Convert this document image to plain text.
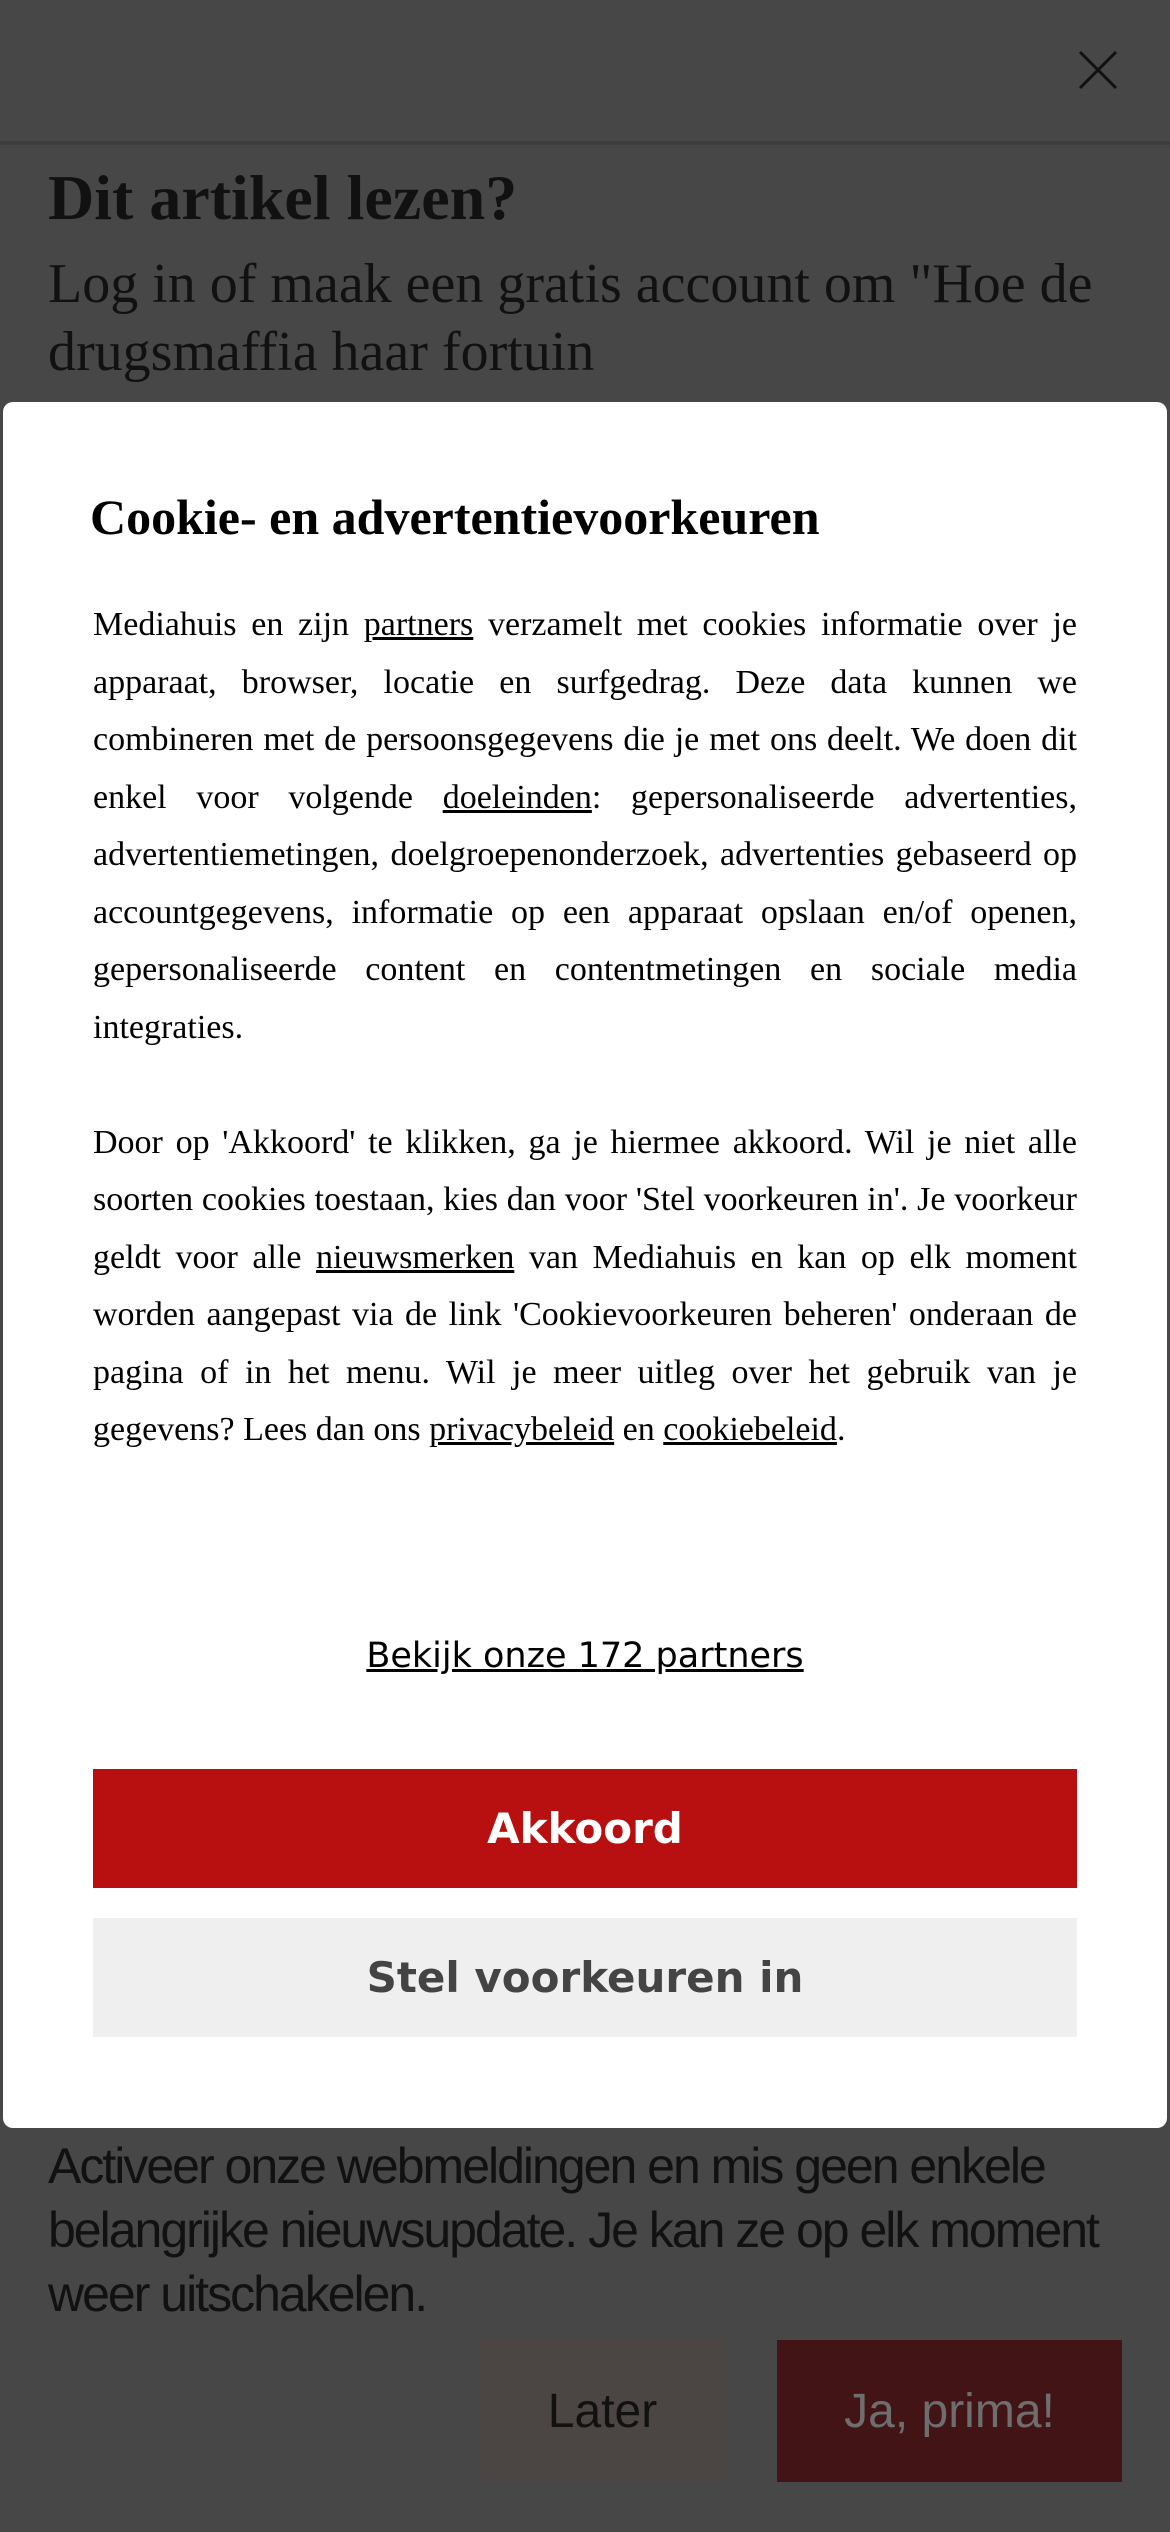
Dit artikel lezen?

Log in of maak een gratis account om "Hoe de drugsmaffia haar fortuin

Activeer onze webmeldingen en mis geen enkele belangrijke nieuwsupdate. Je kan ze op elk moment weer uitschakelen.
Later	Ja, prima!
Cookie- en advertentievoorkeuren

Mediahuis en zijn partners verzamelt met cookies informatie over je apparaat, browser, locatie en surfgedrag. Deze data kunnen we combineren met de persoonsgegevens die je met ons deelt. We doen dit enkel voor volgende doeleinden: gepersonaliseerde advertenties, advertentiemetingen, doelgroepenonderzoek, advertenties gebaseerd op accountgegevens, informatie op een apparaat opslaan en/of openen, gepersonaliseerde content en contentmetingen en sociale media integraties.

Door op 'Akkoord' te klikken, ga je hiermee akkoord. Wil je niet alle soorten cookies toestaan, kies dan voor 'Stel voorkeuren in'. Je voorkeur geldt voor alle nieuwsmerken van Mediahuis en kan op elk moment worden aangepast via de link 'Cookievoorkeuren beheren' onderaan de pagina of in het menu. Wil je meer uitleg over het gebruik van je gegevens? Lees dan ons privacybeleid en cookiebeleid.

Bekijk onze 172 partners
Akkoord
Stel voorkeuren in
